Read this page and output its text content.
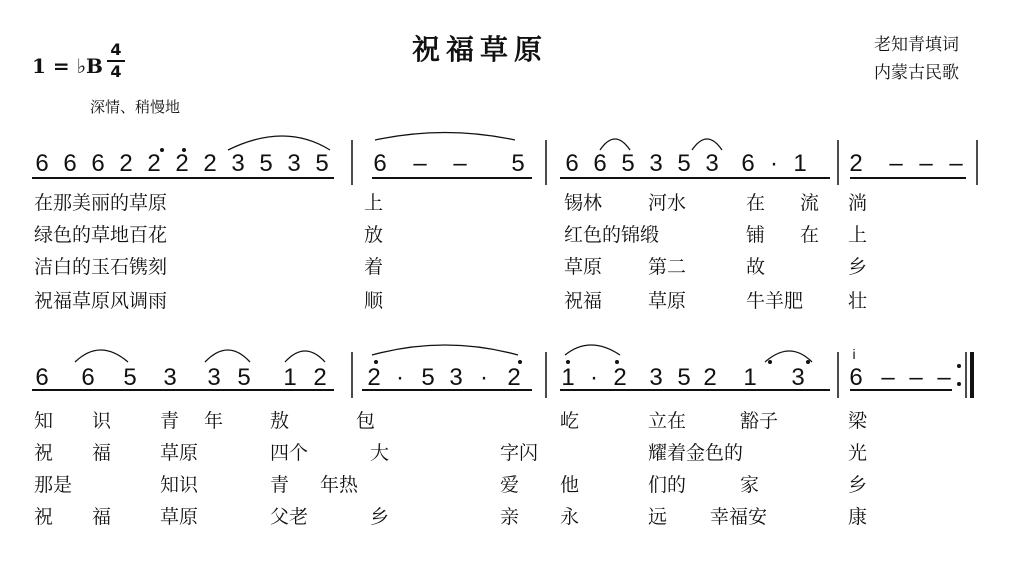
祝福草原	老知青填词
内蒙古民歌
1 = ♭B
4
4
深情、稍慢地
6 6 6 2 2 2 2 3 5 3 5 6 – – 5 6 6 5 3 5 3 6 · 1 2 – – –
6 6 5 3 3 5 1 2 2 · 5 3 · 2 1 · 2 3 5 2 1 3
i
6 – – –
在那美丽的草原	上	锡林 河水	在 流 淌
绿色的草地百花	放	红色的锦缎	铺 在 上
洁白的玉石镌刻	着	草原 第二	故	乡
祝福草原风调雨	顺	祝福 草原	牛羊肥 壮
知 识	青 年 敖	包	屹	立在	豁子	梁
祝 福	草原	四个	大	字闪	耀着金色的	光
那是	知识	青 年热	爱 他	们的	家	乡
祝 福	草原	父老	乡	亲 永	远 幸福安	康
